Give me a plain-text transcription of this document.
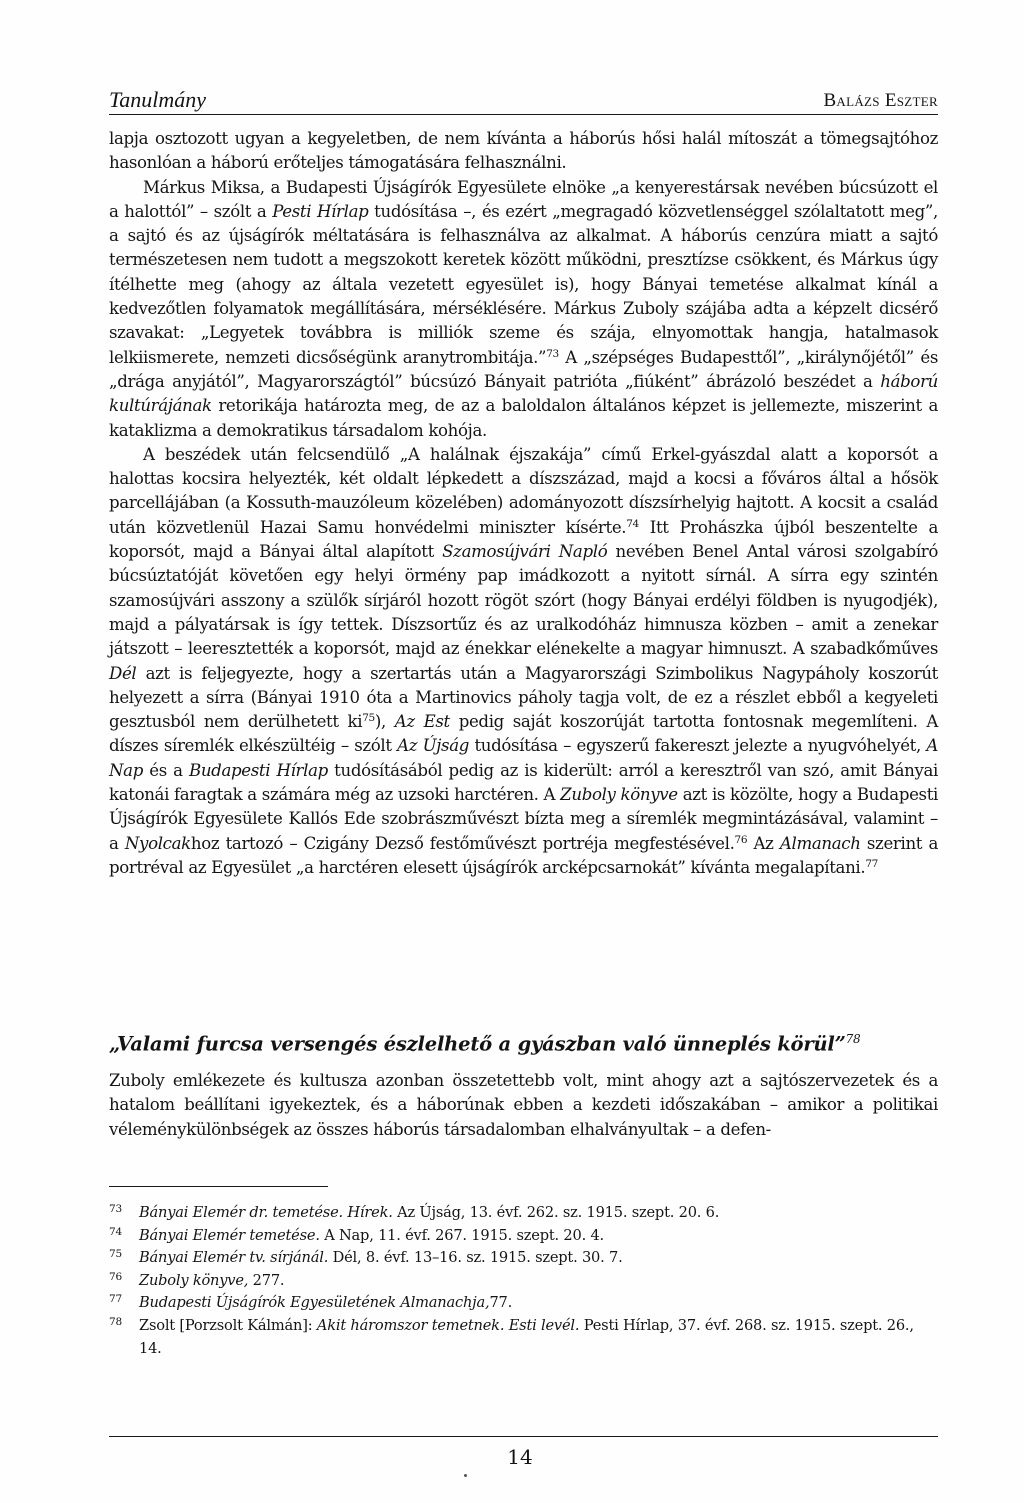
Tanulmány	Balázs Eszter

lapja osztozott ugyan a kegyeletben, de nem kívánta a háborús hősi halál mítoszát a tömegsajtóhoz hasonlóan a háború erőteljes támogatására felhasználni.

Márkus Miksa, a Budapesti Újságírók Egyesülete elnöke „a kenyerestársak nevében búcsúzott el a halottól” – szólt a Pesti Hírlap tudósítása –, és ezért „megragadó közvetlenséggel szólaltatott meg”, a sajtó és az újságírók méltatására is felhasználva az alkalmat. A háborús cenzúra miatt a sajtó természetesen nem tudott a megszokott keretek között működni, presztízse csökkent, és Márkus úgy ítélhette meg (ahogy az általa vezetett egyesület is), hogy Bányai temetése alkalmat kínál a kedvezőtlen folyamatok megállítására, mérséklésére. Márkus Zuboly szájába adta a képzelt dicsérő szavakat: „Legyetek továbbra is milliók szeme és szája, elnyomottak hangja, hatalmasok lelkiismerete, nemzeti dicsőségünk aranytrombitája.”$^{73}$ A „szépséges Budapesttől”, „királynőjétől” és „drága anyjától”, Magyarországtól” búcsúzó Bányait patrióta „fiúként” ábrázoló beszédet a háború kultúrájának retorikája határozta meg, de az a baloldalon általános képzet is jellemezte, miszerint a kataklizma a demokratikus társadalom kohója.

A beszédek után felcsendülő „A halálnak éjszakája” című Erkel-gyászdal alatt a koporsót a halottas kocsira helyezték, két oldalt lépkedett a díszszázad, majd a kocsi a főváros által a hősök parcellájában (a Kossuth-mauzóleum közelében) adományozott díszsírhelyig hajtott. A kocsit a család után közvetlenül Hazai Samu honvédelmi miniszter kísérte.$^{74}$ Itt Prohászka újból beszentelte a koporsót, majd a Bányai által alapított Szamosújvári Napló nevében Benel Antal városi szolgabíró búcsúztatóját követően egy helyi örmény pap imádkozott a nyitott sírnál. A sírra egy szintén szamosújvári asszony a szülők sírjáról hozott rögöt szórt (hogy Bányai erdélyi földben is nyugodjék), majd a pályatársak is így tettek. Díszsortűz és az uralkodóház himnusza közben – amit a zenekar játszott – leeresztették a koporsót, majd az énekkar elénekelte a magyar himnuszt. A szabadkőműves Dél azt is feljegyezte, hogy a szertartás után a Magyarországi Szimbolikus Nagypáholy koszorút helyezett a sírra (Bányai 1910 óta a Martinovics páholy tagja volt, de ez a részlet ebből a kegyeleti gesztusból nem derülhetett ki$^{75}$), Az Est pedig saját koszorúját tartotta fontosnak megemlíteni. A díszes síremlék elkészültéig – szólt Az Újság tudósítása – egyszerű fakereszt jelezte a nyugvóhelyét, A Nap és a Budapesti Hírlap tudósításából pedig az is kiderült: arról a keresztről van szó, amit Bányai katonái faragtak a számára még az uzsoki harctéren. A Zuboly könyve azt is közölte, hogy a Budapesti Újságírók Egyesülete Kallós Ede szobrászművészt bízta meg a síremlék megmintázásával, valamint – a Nyolcakhoz tartozó – Czigány Dezső festőművészt portréja megfestésével.$^{76}$ Az Almanach szerint a portréval az Egyesület „a harctéren elesett újságírók arcképcsarnokát” kívánta megalapítani.$^{77}$

„Valami furcsa versengés észlelhető a gyászban való ünneplés körül”$^{78}$

Zuboly emlékezete és kultusza azonban összetettebb volt, mint ahogy azt a sajtószervezetek és a hatalom beállítani igyekeztek, és a háborúnak ebben a kezdeti időszakában – amikor a politikai véleménykülönbségek az összes háborús társadalomban elhalványultak – a defen-

73 Bányai Elemér dr. temetése. Hírek. Az Újság, 13. évf. 262. sz. 1915. szept. 20. 6.
74 Bányai Elemér temetése. A Nap, 11. évf. 267. 1915. szept. 20. 4.
75 Bányai Elemér tv. sírjánál. Dél, 8. évf. 13–16. sz. 1915. szept. 30. 7.
76 Zuboly könyve, 277.
77 Budapesti Újságírók Egyesületének Almanachja,77.
78 Zsolt [Porzsolt Kálmán]: Akit háromszor temetnek. Esti levél. Pesti Hírlap, 37. évf. 268. sz. 1915. szept. 26., 14.
14
